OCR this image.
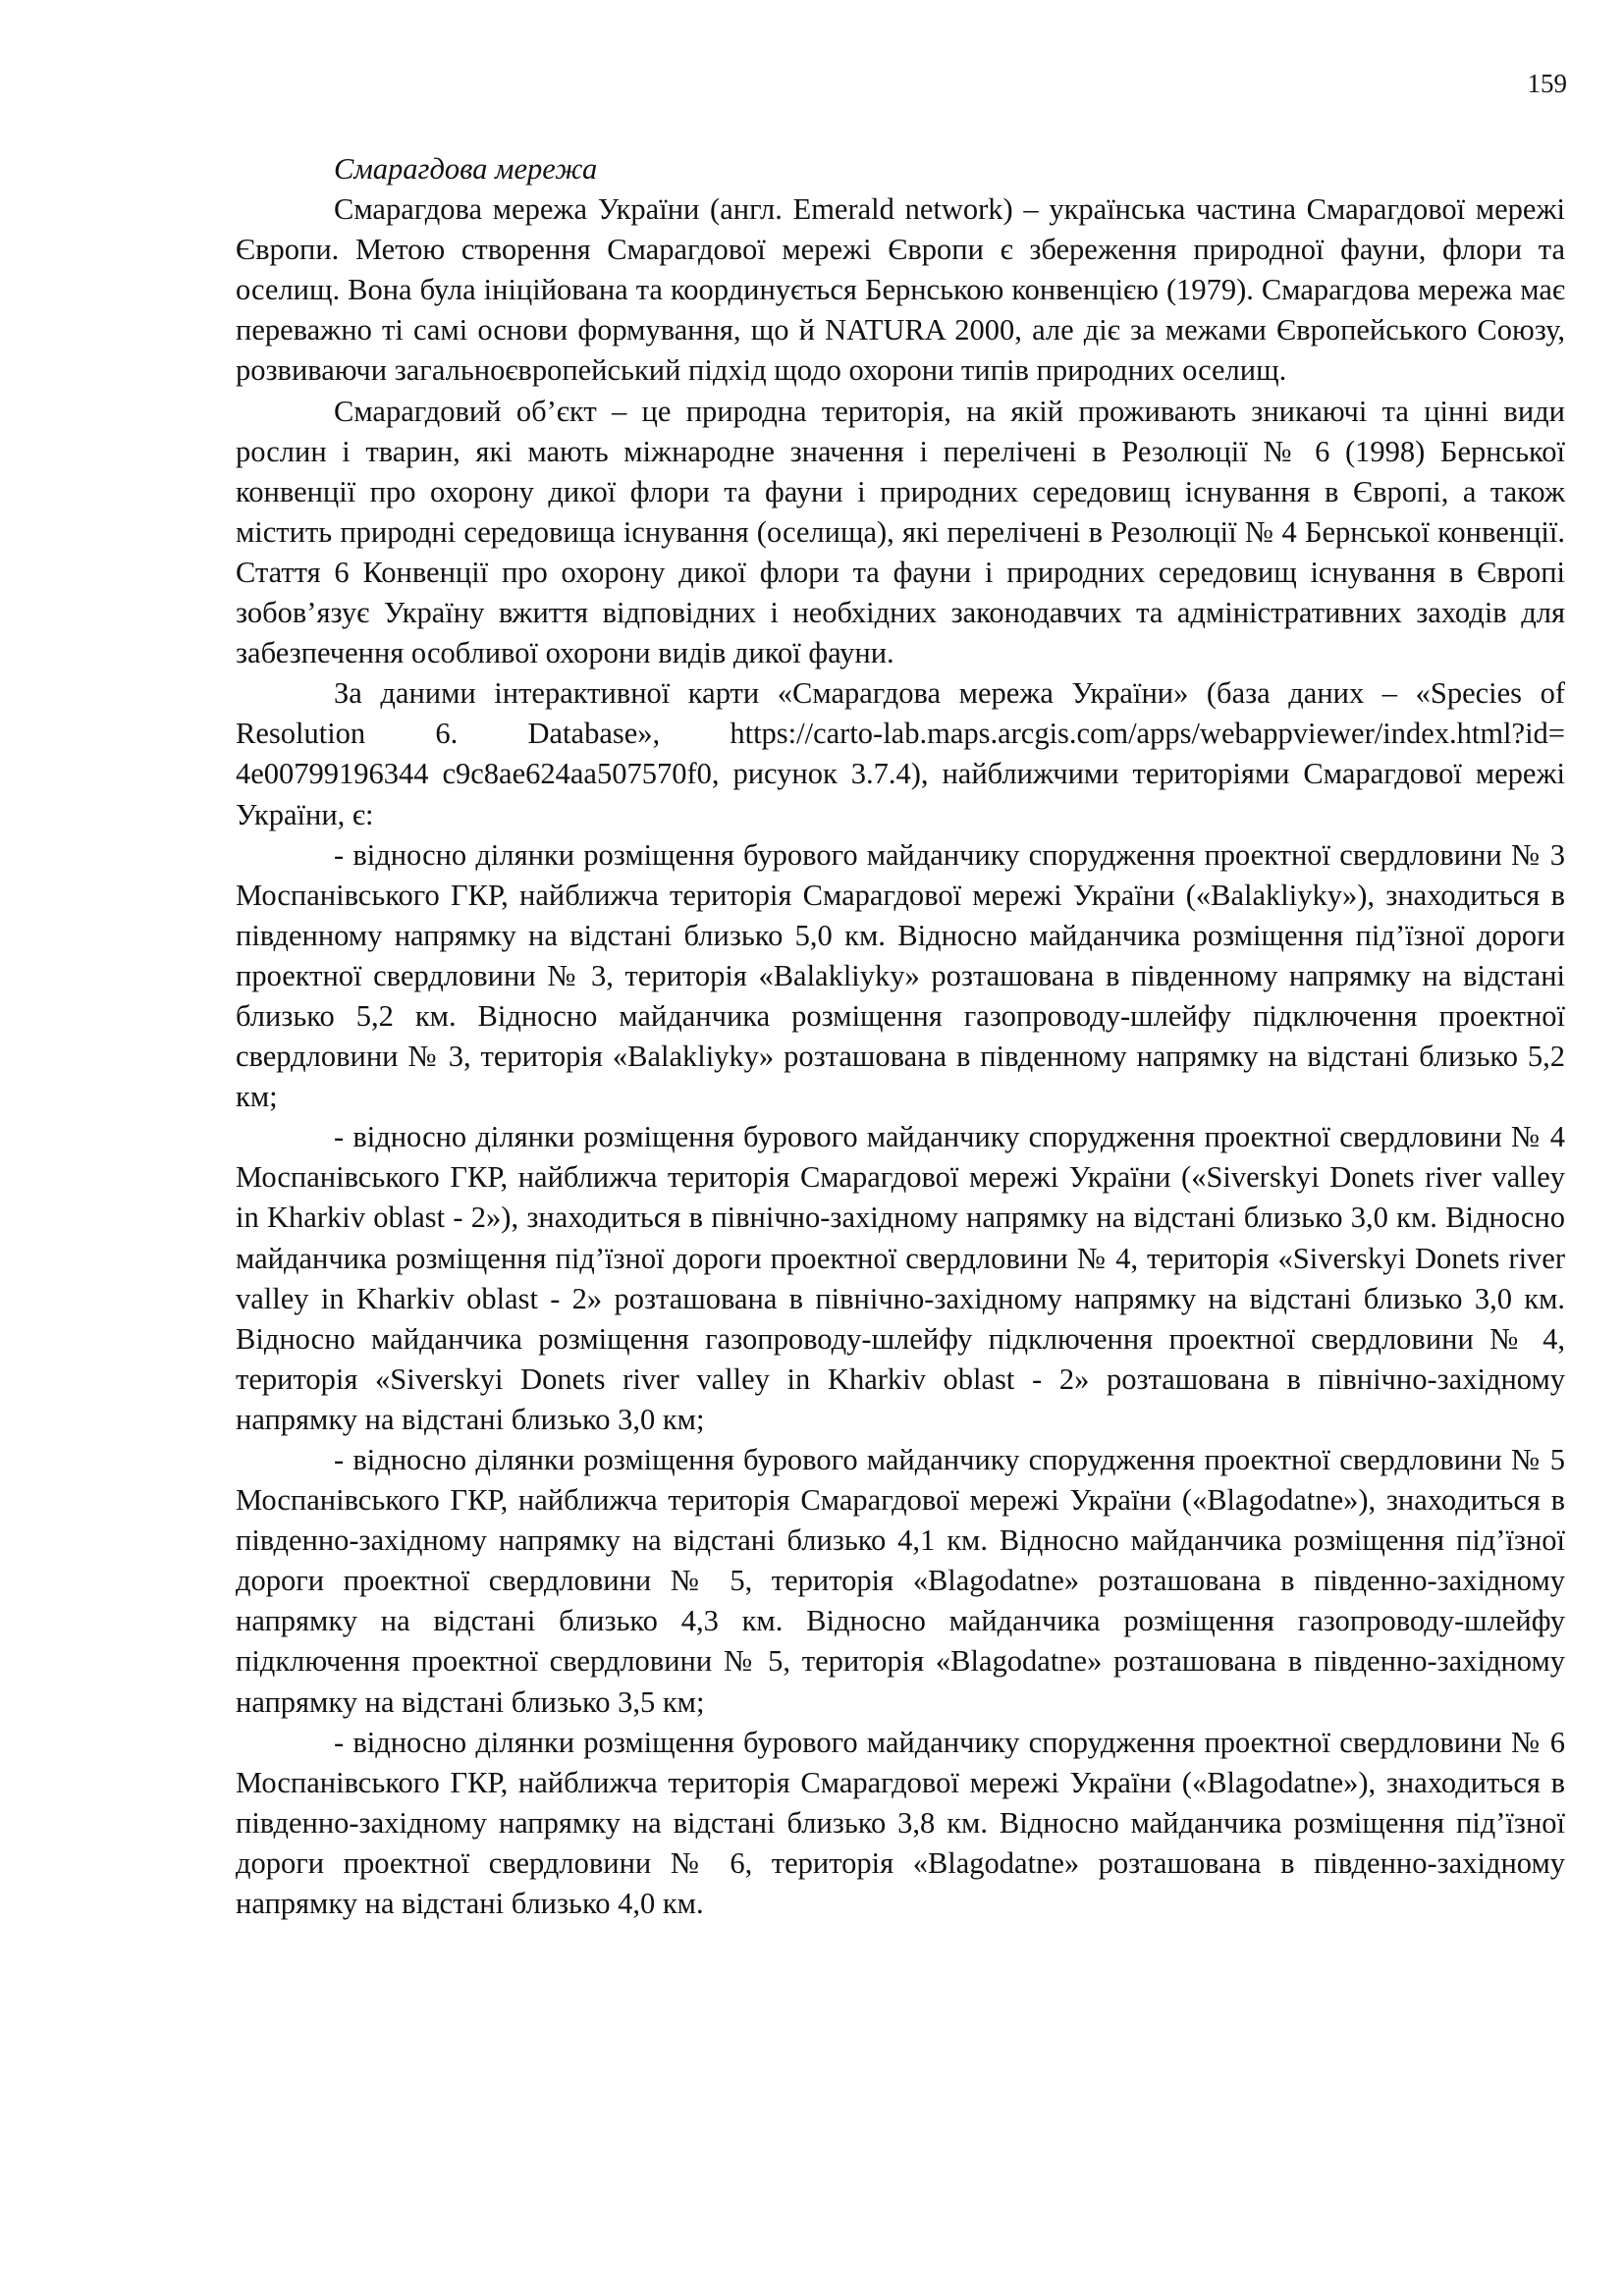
159

Смарагдова мережа

Смарагдова мережа України (англ. Emerald network) – українська частина Смарагдової мережі Європи. Метою створення Смарагдової мережі Європи є збереження природної фауни, флори та оселищ. Вона була ініційована та координується Бернською конвенцією (1979). Смарагдова мережа має переважно ті самі основи формування, що й NATURA 2000, але діє за межами Європейського Союзу, розвиваючи загальноєвропейський підхід щодо охорони типів природних оселищ.

Смарагдовий об’єкт – це природна територія, на якій проживають зникаючі та цінні види рослин і тварин, які мають міжнародне значення і перелічені в Резолюції № 6 (1998) Бернської конвенції про охорону дикої флори та фауни і природних середовищ існування в Європі, а також містить природні середовища існування (оселища), які перелічені в Резолюції № 4 Бернської конвенції. Стаття 6 Конвенції про охорону дикої флори та фауни і природних середовищ існування в Європі зобов’язує Україну вжиття відповідних і необхідних законодавчих та адміністративних заходів для забезпечення особливої охорони видів дикої фауни.

За даними інтерактивної карти «Смарагдова мережа України» (база даних – «Species of Resolution 6. Database», https://carto-lab.maps.arcgis.com/apps/webappviewer/index.html?id= 4e00799196344 c9c8ae624aa507570f0, рисунок 3.7.4), найближчими територіями Смарагдової мережі України, є:

- відносно ділянки розміщення бурового майданчику спорудження проектної свердловини № 3 Моспанівського ГКР, найближча територія Смарагдової мережі України («Balakliyky»), знаходиться в південному напрямку на відстані близько 5,0 км. Відносно майданчика розміщення під’їзної дороги проектної свердловини № 3, територія «Balakliyky» розташована в південному напрямку на відстані близько 5,2 км. Відносно майданчика розміщення газопроводу-шлейфу підключення проектної свердловини № 3, територія «Balakliyky» розташована в південному напрямку на відстані близько 5,2 км;

- відносно ділянки розміщення бурового майданчику спорудження проектної свердловини № 4 Моспанівського ГКР, найближча територія Смарагдової мережі України («Siverskyi Donets river valley in Kharkiv oblast - 2»), знаходиться в північно-західному напрямку на відстані близько 3,0 км. Відносно майданчика розміщення під’їзної дороги проектної свердловини № 4, територія «Siverskyi Donets river valley in Kharkiv oblast - 2» розташована в північно-західному напрямку на відстані близько 3,0 км. Відносно майданчика розміщення газопроводу-шлейфу підключення проектної свердловини № 4, територія «Siverskyi Donets river valley in Kharkiv oblast - 2» розташована в північно-західному напрямку на відстані близько 3,0 км;

- відносно ділянки розміщення бурового майданчику спорудження проектної свердловини № 5 Моспанівського ГКР, найближча територія Смарагдової мережі України («Blagodatne»), знаходиться в південно-західному напрямку на відстані близько 4,1 км. Відносно майданчика розміщення під’їзної дороги проектної свердловини № 5, територія «Blagodatne» розташована в південно-західному напрямку на відстані близько 4,3 км. Відносно майданчика розміщення газопроводу-шлейфу підключення проектної свердловини № 5, територія «Blagodatne» розташована в південно-західному напрямку на відстані близько 3,5 км;

- відносно ділянки розміщення бурового майданчику спорудження проектної свердловини № 6 Моспанівського ГКР, найближча територія Смарагдової мережі України («Blagodatne»), знаходиться в південно-західному напрямку на відстані близько 3,8 км. Відносно майданчика розміщення під’їзної дороги проектної свердловини № 6, територія «Blagodatne» розташована в південно-західному напрямку на відстані близько 4,0 км.
